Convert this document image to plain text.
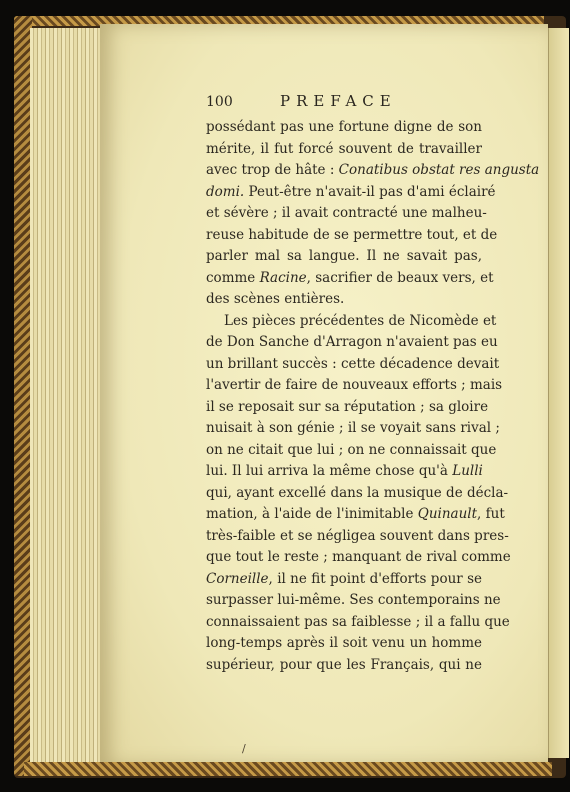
100	PREFACE
possédant pas une fortune digne de son
mérite, il fut forcé souvent de travailler
avec trop de hâte : Conatibus obstat res angusta
domi. Peut-être n'avait-il pas d'ami éclairé
et sévère ; il avait contracté une malheu-
reuse habitude de se permettre tout, et de
parler mal sa langue. Il ne savait pas,
comme Racine, sacrifier de beaux vers, et
des scènes entières.
Les pièces précédentes de Nicomède et
de Don Sanche d'Arragon n'avaient pas eu
un brillant succès : cette décadence devait
l'avertir de faire de nouveaux efforts ; mais
il se reposait sur sa réputation ; sa gloire
nuisait à son génie ; il se voyait sans rival ;
on ne citait que lui ; on ne connaissait que
lui. Il lui arriva la même chose qu'à Lulli
qui, ayant excellé dans la musique de décla-
mation, à l'aide de l'inimitable Quinault, fut
très-faible et se négligea souvent dans pres-
que tout le reste ; manquant de rival comme
Corneille, il ne fit point d'efforts pour se
surpasser lui-même. Ses contemporains ne
connaissaient pas sa faiblesse ; il a fallu que
long-temps après il soit venu un homme
supérieur, pour que les Français, qui ne
/
